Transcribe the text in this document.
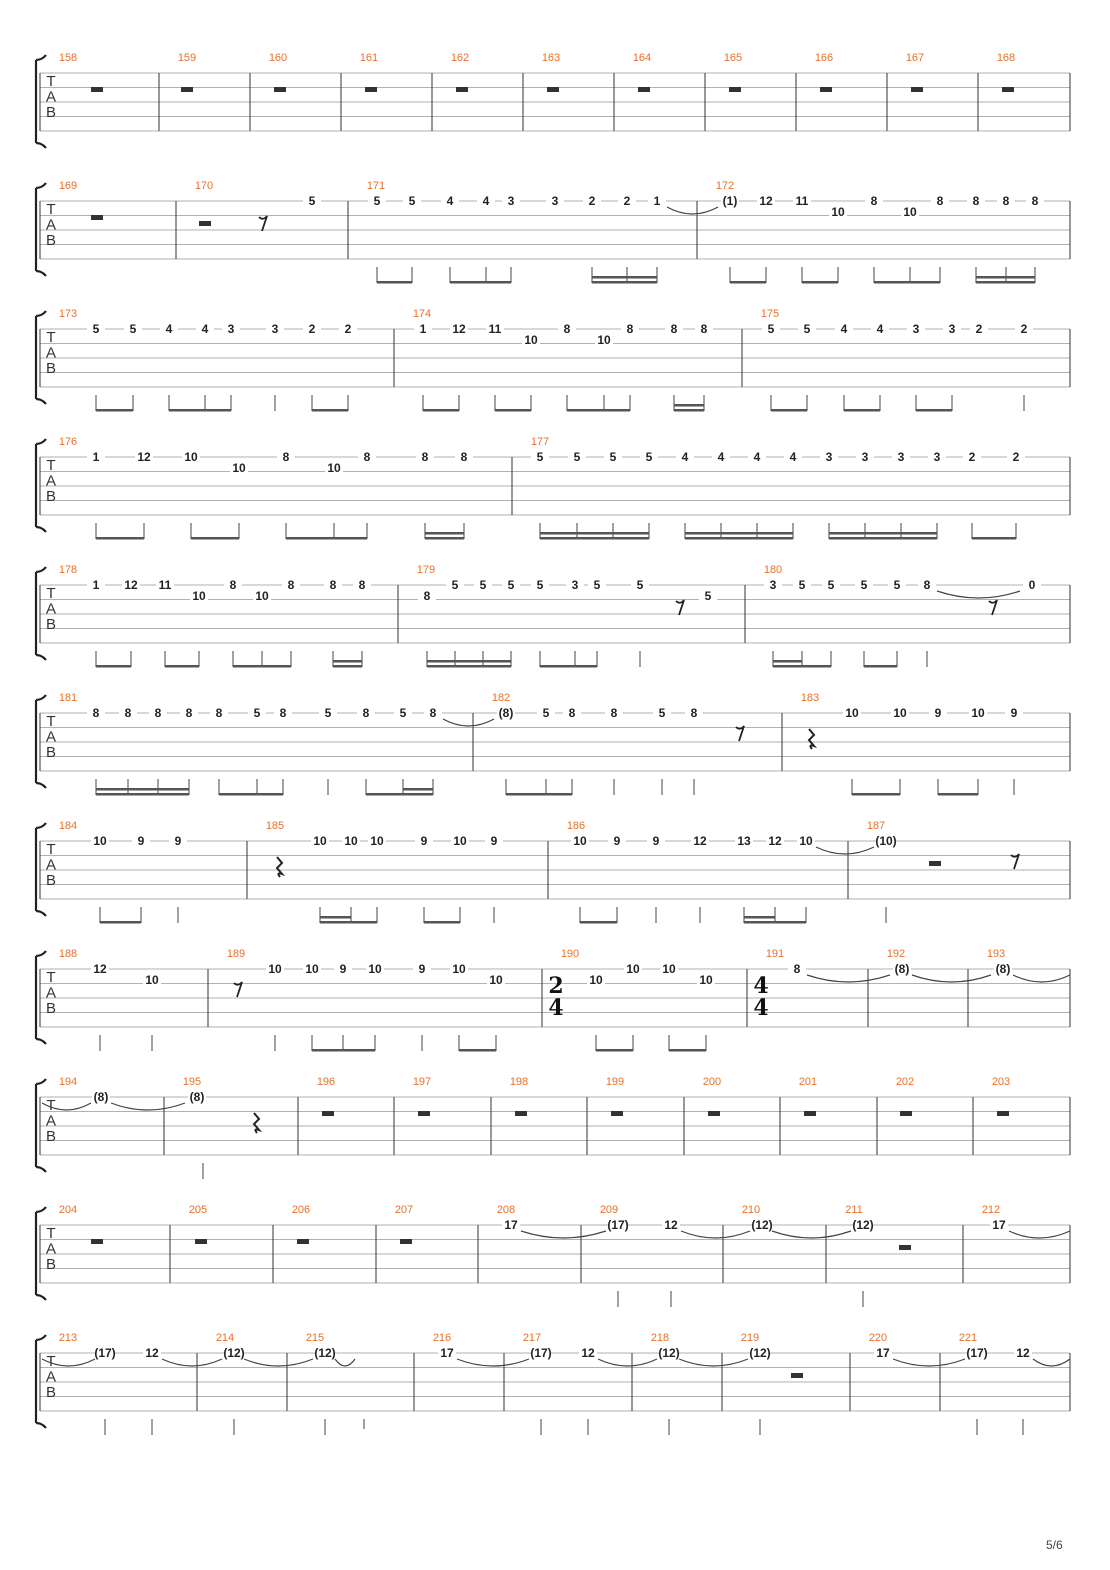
T
A
B
158	159	160	161	162	163	164	165	166	167	168
T
A
B
169	170	171	172
5	5 5	4 4 3	3	2 2 1	(1) 12 11
10
8
10
8 8 8 8
T
A
B
173	174	175
5	5 4 4 3	3	2 2	1 12 11
10
8
10
8	8 8	5 5	4 4 3 3 2	2
T
A
B
176	177
1	12	10
10
8
10
8	8	8	5	5 5 5 4 4 4 4 3 3 3 3 2	2
T
A
B
178	179	180
1 12 11
10
8
10
8	8 8
8
5 5 5 5 3 5	5
5
3 5 5 5 5 8	0
T
A
B
181	182	183
8 8 8 8 8	5 8	5	8	5 8	(8) 5 8	8	5 8	10	10 9 10 9
T
A
B
184	185	186	187
10	9	9	10 10 10	9 10 9	10 9	9	12	13 12 10	(10)
T
A
B
188	189	190	191	192	193
2
4
4
4
12
10
10 10 9 10	9 10
10	10
10 10
10
8	(8)	(8)
T
A
B
194	195	196	197	198	199	200	201	202	203
(8)	(8)
T
A
B
204	205	206	207	208	209	210	211	212
17	(17)	12	(12)	(12)	17
T
A
B
213	214	215	216	217	218	219	220	221
(17) 12	(12)	(12)	17	(17) 12	(12)	(12)	17	(17) 12
5/6
